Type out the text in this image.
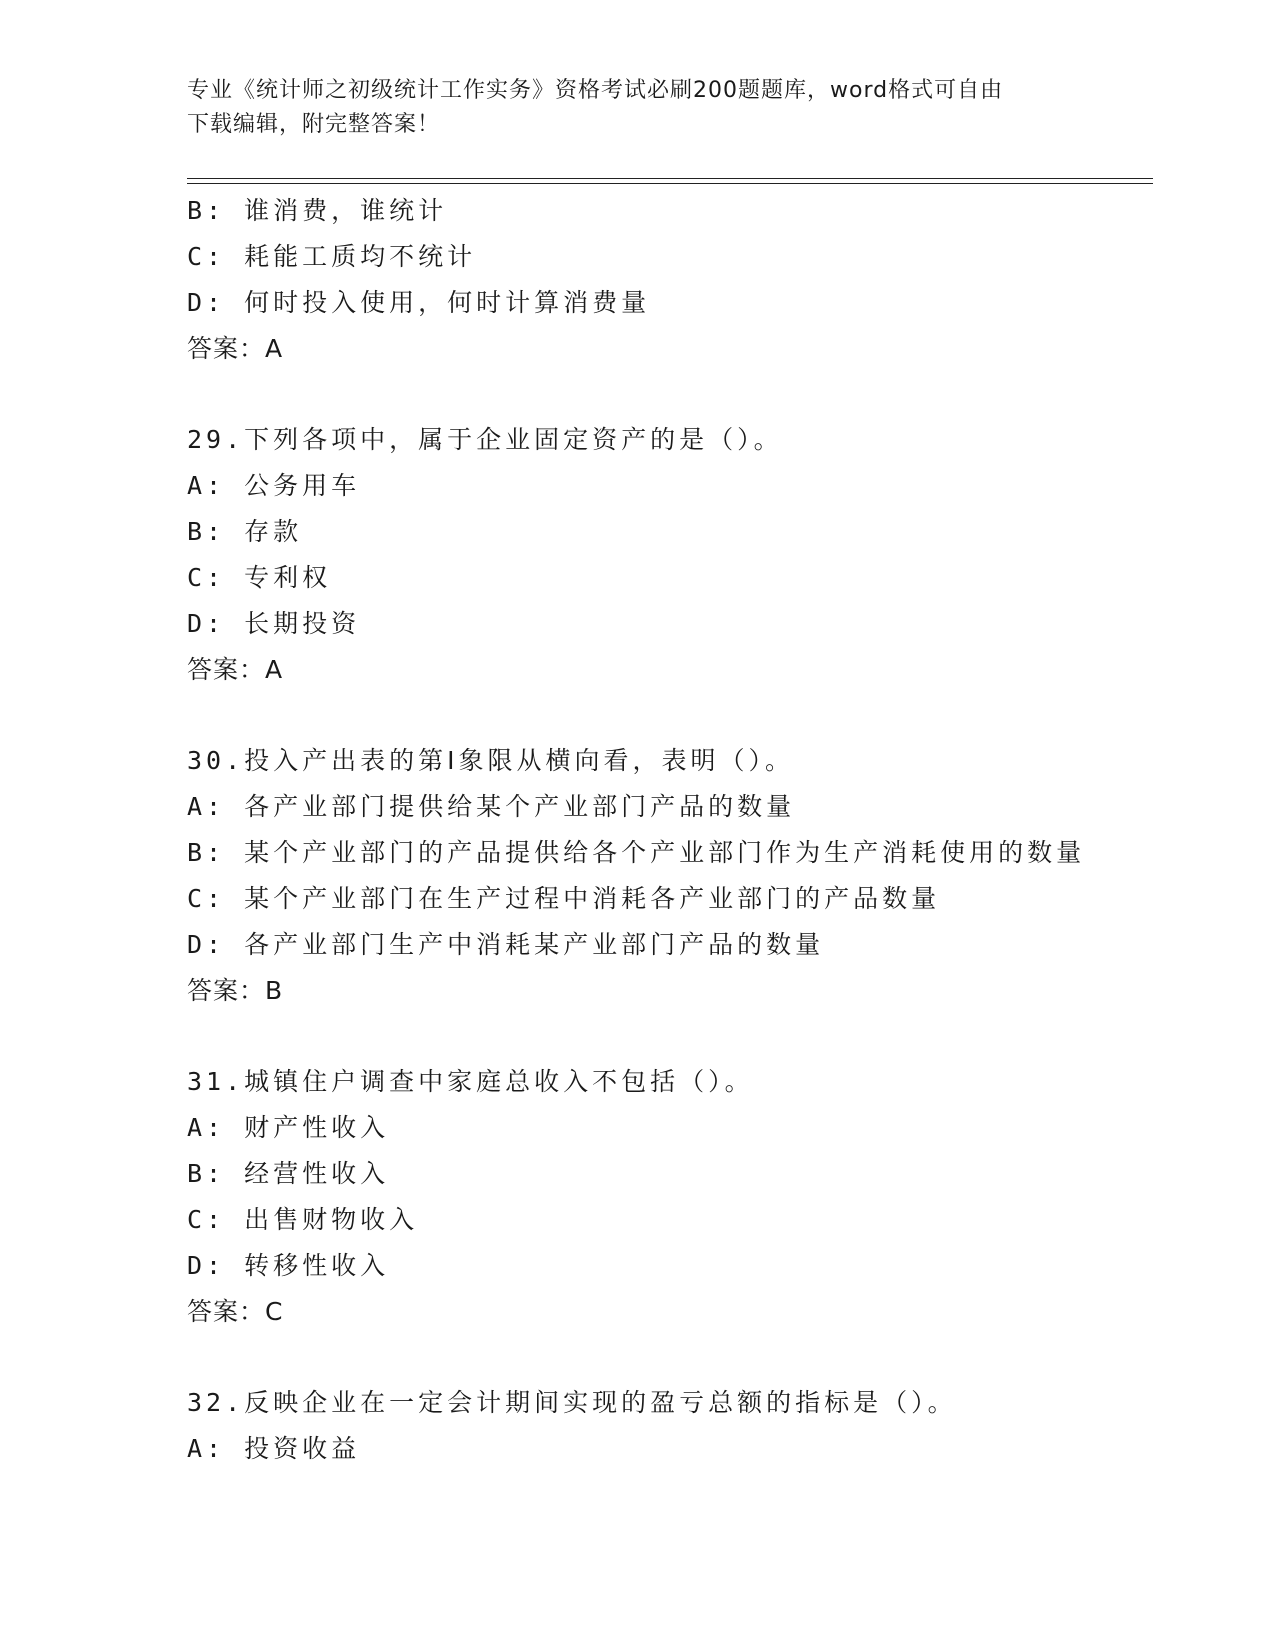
专业《统计师之初级统计工作实务》资格考试必刷200题题库，word格式可自由
下载编辑，附完整答案！
B: 谁消费，谁统计
C: 耗能工质均不统计
D: 何时投入使用，何时计算消费量
答案：A
29.下列各项中，属于企业固定资产的是（）。
A: 公务用车
B: 存款
C: 专利权
D: 长期投资
答案：A
30.投入产出表的第Ⅰ象限从横向看，表明（）。
A: 各产业部门提供给某个产业部门产品的数量
B: 某个产业部门的产品提供给各个产业部门作为生产消耗使用的数量
C: 某个产业部门在生产过程中消耗各产业部门的产品数量
D: 各产业部门生产中消耗某产业部门产品的数量
答案：B
31.城镇住户调查中家庭总收入不包括（）。
A: 财产性收入
B: 经营性收入
C: 出售财物收入
D: 转移性收入
答案：C
32.反映企业在一定会计期间实现的盈亏总额的指标是（）。
A: 投资收益
